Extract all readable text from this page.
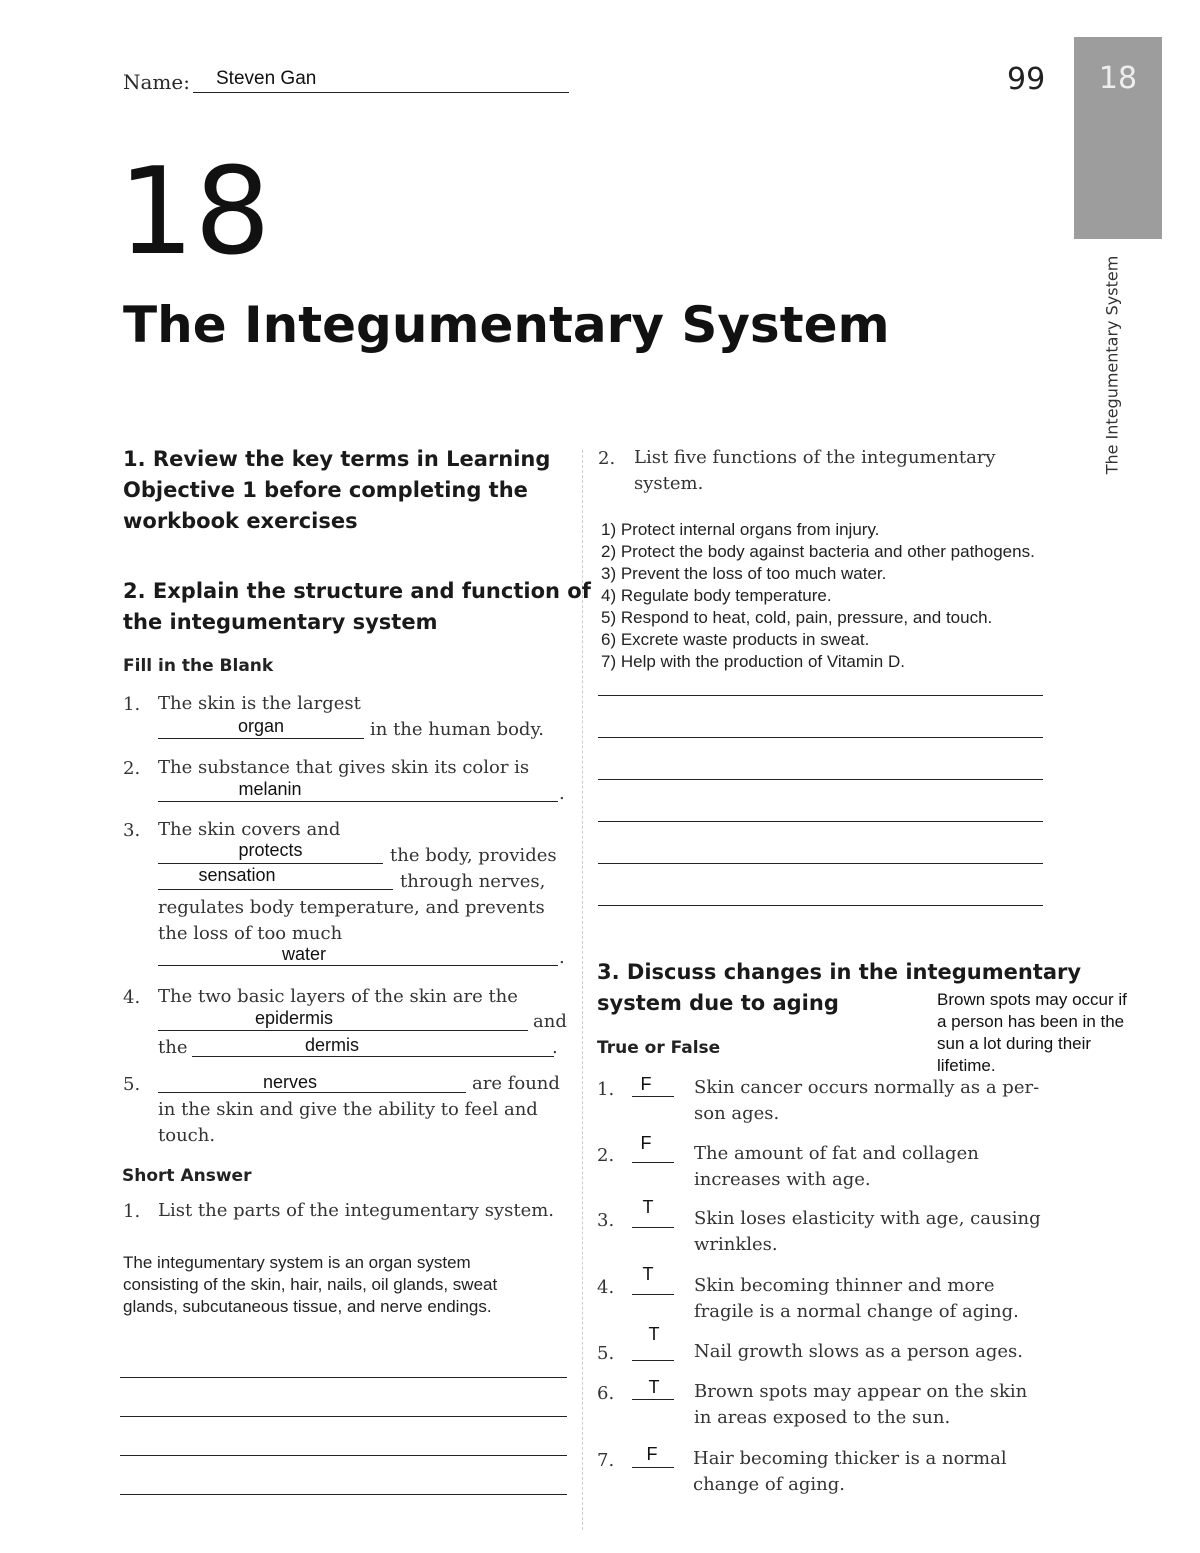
Name: Steven Gan	99	18
The Integumentary System
18
The Integumentary System
1. Review the key terms in Learning
Objective 1 before completing the
workbook exercises
2. Explain the structure and function of
the integumentary system
Fill in the Blank
1. The skin is the largest
organ	in the human body.
2. The substance that gives skin its color is
melanin	.
3. The skin covers and
protects	the body, provides
sensation	through nerves,
regulates body temperature, and prevents
the loss of too much
water	.
4. The two basic layers of the skin are the
epidermis	and
the	dermis	.
5.	nerves	are found
in the skin and give the ability to feel and
touch.
Short Answer
1. List the parts of the integumentary system.
The integumentary system is an organ system
consisting of the skin, hair, nails, oil glands, sweat
glands, subcutaneous tissue, and nerve endings.
2. List five functions of the integumentary
system.
1) Protect internal organs from injury.
2) Protect the body against bacteria and other pathogens.
3) Prevent the loss of too much water.
4) Regulate body temperature.
5) Respond to heat, cold, pain, pressure, and touch.
6) Excrete waste products in sweat.
7) Help with the production of Vitamin D.
3. Discuss changes in the integumentary
system due to aging	Brown spots may occur if
a person has been in the
sun a lot during their
lifetime.
True or False
1.	F	Skin cancer occurs normally as a per-
son ages.
2.
F	The amount of fat and collagen
increases with age.
3.
T
Skin loses elasticity with age, causing
wrinkles.
4.
T
Skin becoming thinner and more
fragile is a normal change of aging.
5.
T
Nail growth slows as a person ages.
6.	T	Brown spots may appear on the skin
in areas exposed to the sun.
7.	F	Hair becoming thicker is a normal
change of aging.
